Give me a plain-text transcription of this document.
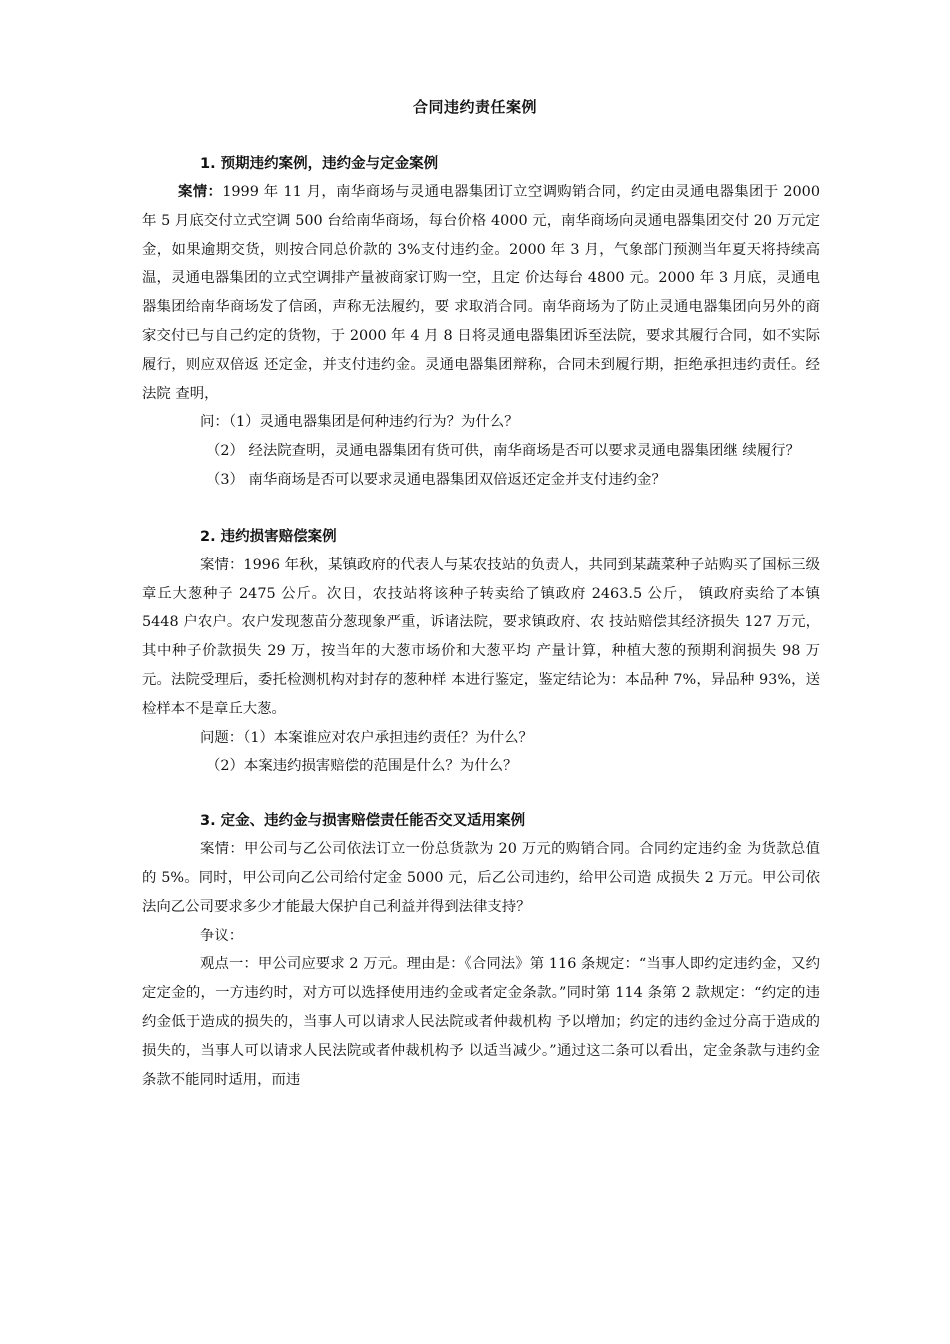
合同违约责任案例

1. 预期违约案例，违约金与定金案例

案情：1999 年 11 月，南华商场与灵通电器集团订立空调购销合同，约定由灵通电器集团于 2000 年 5 月底交付立式空调 500 台给南华商场，每台价格 4000 元，南华商场向灵通电器集团交付 20 万元定金，如果逾期交货，则按合同总价款的 3%支付违约金。2000 年 3 月，气象部门预测当年夏天将持续高温，灵通电器集团的立式空调排产量被商家订购一空，且定 价达每台 4800 元。2000 年 3 月底，灵通电器集团给南华商场发了信函，声称无法履约，要 求取消合同。南华商场为了防止灵通电器集团向另外的商家交付已与自己约定的货物，于 2000 年 4 月 8 日将灵通电器集团诉至法院，要求其履行合同，如不实际履行，则应双倍返 还定金，并支付违约金。灵通电器集团辩称，合同未到履行期，拒绝承担违约责任。经法院 查明，

问：（1）灵通电器集团是何种违约行为？为什么？

（2） 经法院查明，灵通电器集团有货可供，南华商场是否可以要求灵通电器集团继 续履行？

（3） 南华商场是否可以要求灵通电器集团双倍返还定金并支付违约金？

2. 违约损害赔偿案例

案情：1996 年秋，某镇政府的代表人与某农技站的负责人，共同到某蔬菜种子站购买了国标三级章丘大葱种子 2475 公斤。次日，农技站将该种子转卖给了镇政府 2463.5 公斤， 镇政府卖给了本镇 5448 户农户。农户发现葱苗分葱现象严重，诉诸法院，要求镇政府、农 技站赔偿其经济损失 127 万元，其中种子价款损失 29 万，按当年的大葱市场价和大葱平均 产量计算，种植大葱的预期利润损失 98 万元。法院受理后，委托检测机构对封存的葱种样 本进行鉴定，鉴定结论为：本品种 7%，异品种 93%，送检样本不是章丘大葱。

问题：（1）本案谁应对农户承担违约责任？为什么？

（2）本案违约损害赔偿的范围是什么？为什么？

3. 定金、违约金与损害赔偿责任能否交叉适用案例

案情：甲公司与乙公司依法订立一份总货款为 20 万元的购销合同。合同约定违约金 为货款总值的 5%。同时，甲公司向乙公司给付定金 5000 元，后乙公司违约，给甲公司造 成损失 2 万元。甲公司依法向乙公司要求多少才能最大保护自己利益并得到法律支持？

争议：

观点一：甲公司应要求 2 万元。理由是：《合同法》第 116 条规定：“当事人即约定违约金，又约定定金的，一方违约时，对方可以选择使用违约金或者定金条款。”同时第 114 条第 2 款规定：“约定的违约金低于造成的损失的，当事人可以请求人民法院或者仲裁机构 予以增加；约定的违约金过分高于造成的损失的，当事人可以请求人民法院或者仲裁机构予 以适当减少。”通过这二条可以看出，定金条款与违约金条款不能同时适用，而违
